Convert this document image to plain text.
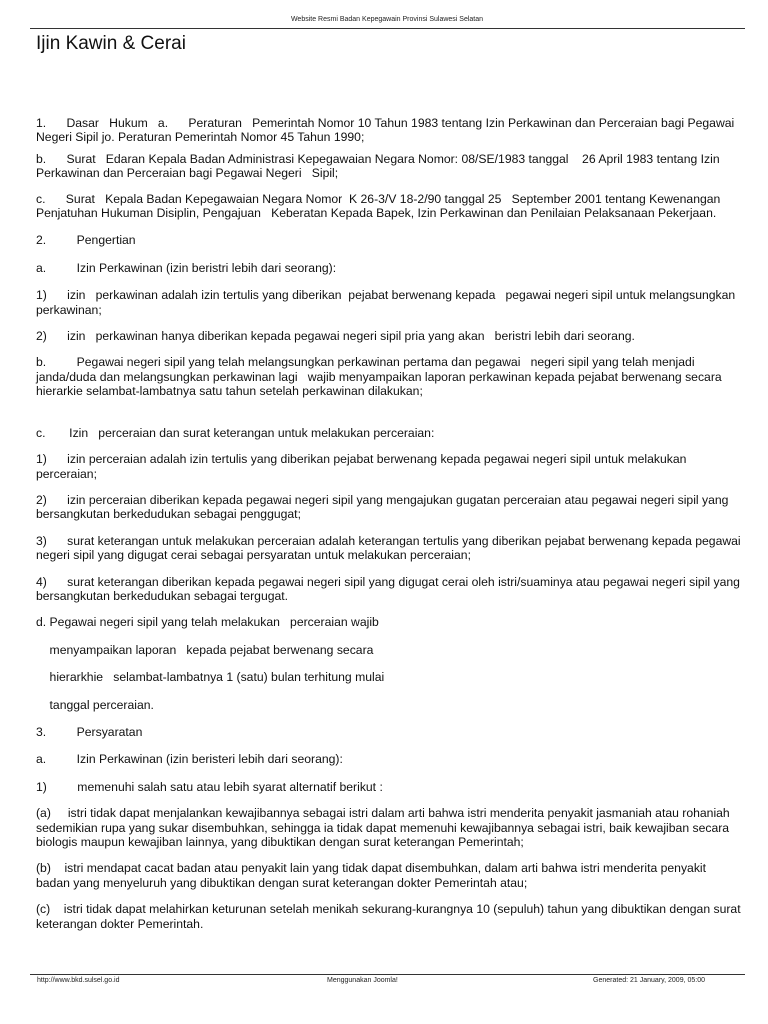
Website Resmi Badan Kepegawain Provinsi Sulawesi Selatan
Ijin Kawin & Cerai

1.      Dasar   Hukum   a.      Peraturan   Pemerintah Nomor 10 Tahun 1983 tentang Izin Perkawinan dan Perceraian bagi Pegawai Negeri Sipil jo. Peraturan Pemerintah Nomor 45 Tahun 1990;

b.      Surat   Edaran Kepala Badan Administrasi Kepegawaian Negara Nomor: 08/SE/1983 tanggal    26 April 1983 tentang Izin Perkawinan dan Perceraian bagi Pegawai Negeri   Sipil;

c.      Surat   Kepala Badan Kepegawaian Negara Nomor  K 26-3/V 18-2/90 tanggal 25   September 2001 tentang Kewenangan Penjatuhan Hukuman Disiplin, Pengajuan   Keberatan Kepada Bapek, Izin Perkawinan dan Penilaian Pelaksanaan Pekerjaan.

2.         Pengertian

a.         Izin Perkawinan (izin beristri lebih dari seorang):

1)      izin   perkawinan adalah izin tertulis yang diberikan  pejabat berwenang kepada   pegawai negeri sipil untuk melangsungkan perkawinan;

2)      izin   perkawinan hanya diberikan kepada pegawai negeri sipil pria yang akan   beristri lebih dari seorang.

b.         Pegawai negeri sipil yang telah melangsungkan perkawinan pertama dan pegawai   negeri sipil yang telah menjadi janda/duda dan melangsungkan perkawinan lagi   wajib menyampaikan laporan perkawinan kepada pejabat berwenang secara   hierarkie selambat-lambatnya satu tahun setelah perkawinan dilakukan;

c.       Izin   perceraian dan surat keterangan untuk melakukan perceraian:

1)      izin perceraian adalah izin tertulis yang diberikan pejabat berwenang kepada pegawai negeri sipil untuk melakukan perceraian;

2)      izin perceraian diberikan kepada pegawai negeri sipil yang mengajukan gugatan perceraian atau pegawai negeri sipil yang bersangkutan berkedudukan sebagai penggugat;

3)      surat keterangan untuk melakukan perceraian adalah keterangan tertulis yang diberikan pejabat berwenang kepada pegawai negeri sipil yang digugat cerai sebagai persyaratan untuk melakukan perceraian;

4)      surat keterangan diberikan kepada pegawai negeri sipil yang digugat cerai oleh istri/suaminya atau pegawai negeri sipil yang bersangkutan berkedudukan sebagai tergugat.

d. Pegawai negeri sipil yang telah melakukan   perceraian wajib

menyampaikan laporan   kepada pejabat berwenang secara

hierarkhie   selambat-lambatnya 1 (satu) bulan terhitung mulai

tanggal perceraian.

3.         Persyaratan

a.         Izin Perkawinan (izin beristeri lebih dari seorang):

1)         memenuhi salah satu atau lebih syarat alternatif berikut :

(a)     istri tidak dapat menjalankan kewajibannya sebagai istri dalam arti bahwa istri menderita penyakit jasmaniah atau rohaniah sedemikian rupa yang sukar disembuhkan, sehingga ia tidak dapat memenuhi kewajibannya sebagai istri, baik kewajiban secara biologis maupun kewajiban lainnya, yang dibuktikan dengan surat keterangan Pemerintah;

(b)    istri mendapat cacat badan atau penyakit lain yang tidak dapat disembuhkan, dalam arti bahwa istri menderita penyakit badan yang menyeluruh yang dibuktikan dengan surat keterangan dokter Pemerintah atau;

(c)    istri tidak dapat melahirkan keturunan setelah menikah sekurang-kurangnya 10 (sepuluh) tahun yang dibuktikan dengan surat keterangan dokter Pemerintah.

http://www.bkd.sulsel.go.id	Menggunakan Joomla!	Generated: 21 January, 2009, 05:00
